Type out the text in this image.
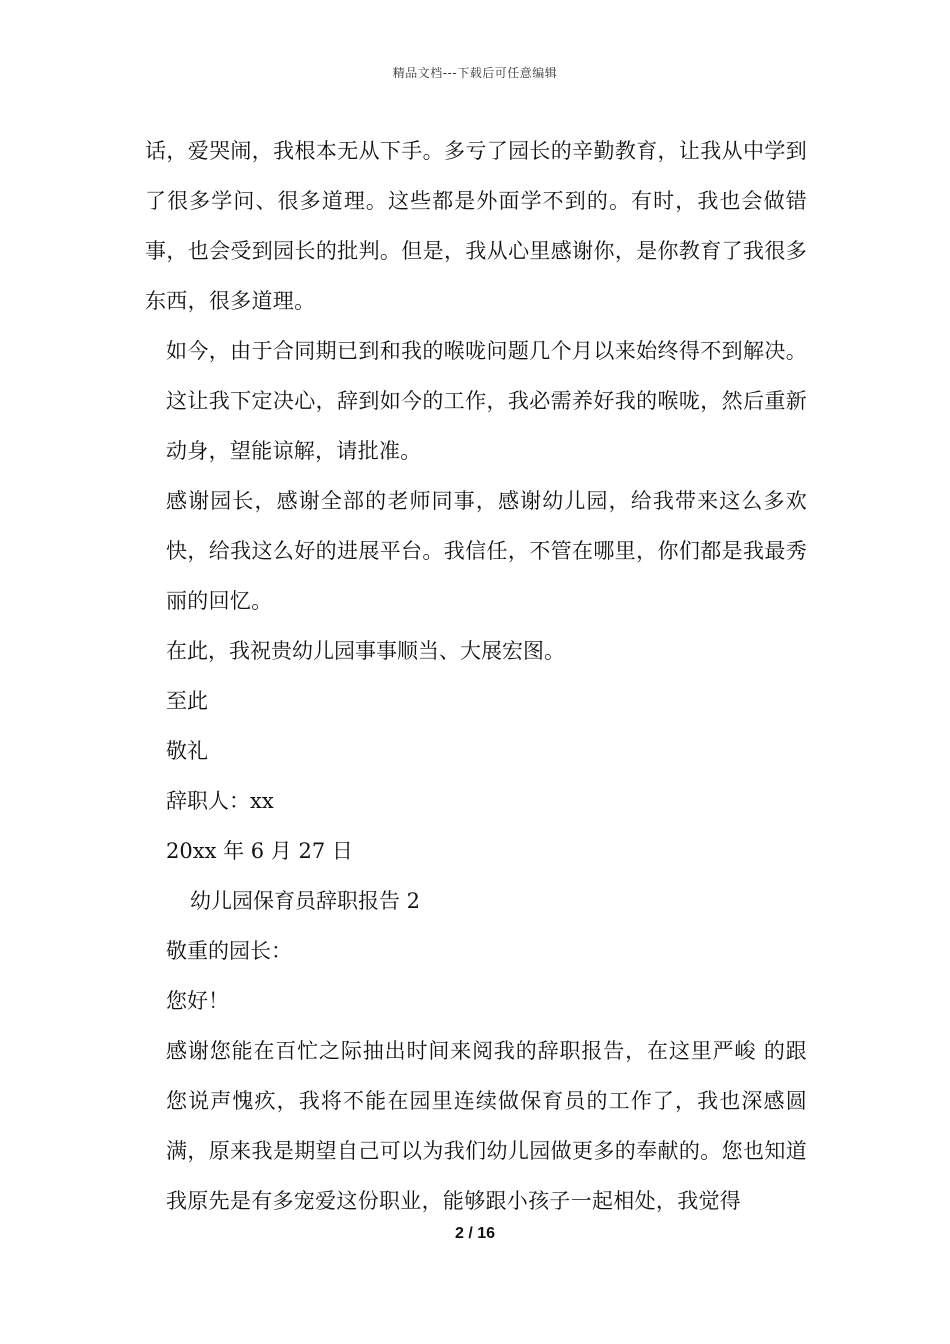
精品文档---下载后可任意编辑

话，爱哭闹，我根本无从下手。多亏了园长的辛勤教育，让我从中学到了很多学问、很多道理。这些都是外面学不到的。有时，我也会做错事，也会受到园长的批判。但是，我从心里感谢你，是你教育了我很多东西，很多道理。

如今，由于合同期已到和我的喉咙问题几个月以来始终得不到解决。这让我下定决心，辞到如今的工作，我必需养好我的喉咙，然后重新动身，望能谅解，请批准。

感谢园长，感谢全部的老师同事，感谢幼儿园，给我带来这么多欢快，给我这么好的进展平台。我信任，不管在哪里，你们都是我最秀丽的回忆。

在此，我祝贵幼儿园事事顺当、大展宏图。

至此

敬礼

辞职人：xx

20xx 年 6 月 27 日

幼儿园保育员辞职报告 2

敬重的园长：

您好！

感谢您能在百忙之际抽出时间来阅我的辞职报告，在这里严峻 的跟您说声愧疚，我将不能在园里连续做保育员的工作了，我也深感圆满，原来我是期望自己可以为我们幼儿园做更多的奉献的。您也知道我原先是有多宠爱这份职业，能够跟小孩子一起相处，我觉得

2 / 16
